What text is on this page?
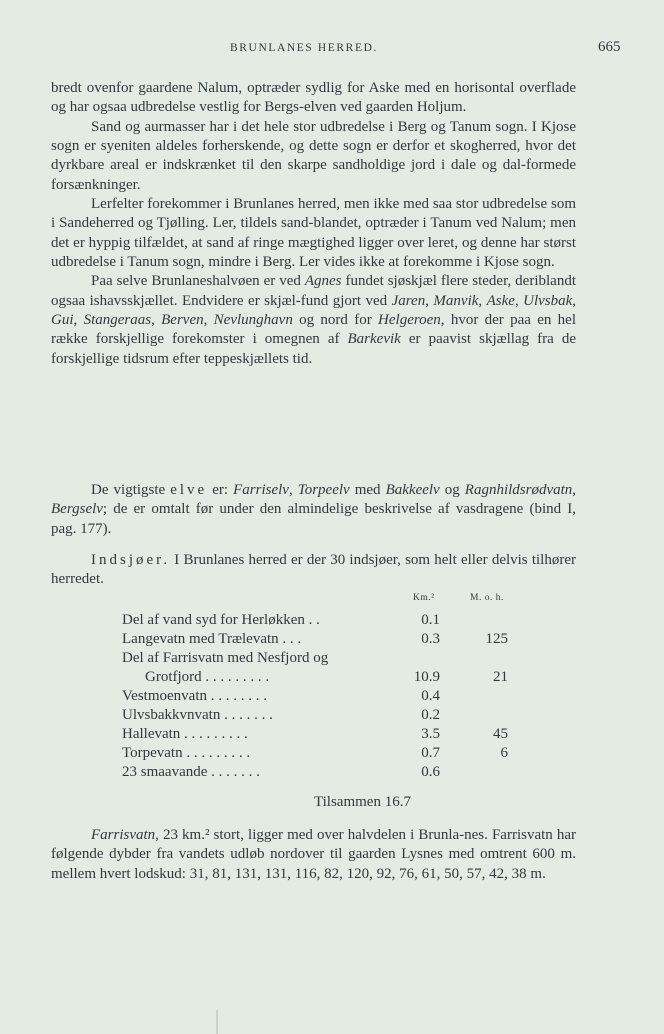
BRUNLANES HERRED.	665

bredt ovenfor gaardene Nalum, optræder sydlig for Aske med en horisontal overflade og har ogsaa udbredelse vestlig for Bergs-elven ved gaarden Holjum.

Sand og aurmasser har i det hele stor udbredelse i Berg og Tanum sogn. I Kjose sogn er syeniten aldeles forherskende, og dette sogn er derfor et skogherred, hvor det dyrkbare areal er indskrænket til den skarpe sandholdige jord i dale og dal-formede forsænkninger.

Lerfelter forekommer i Brunlanes herred, men ikke med saa stor udbredelse som i Sandeherred og Tjølling. Ler, tildels sand-blandet, optræder i Tanum ved Nalum; men det er hyppig tilfældet, at sand af ringe mægtighed ligger over leret, og denne har størst udbredelse i Tanum sogn, mindre i Berg. Ler vides ikke at forekomme i Kjose sogn.

Paa selve Brunlaneshalvøen er ved Agnes fundet sjøskjæl flere steder, deriblandt ogsaa ishavsskjællet. Endvidere er skjæl-fund gjort ved Jaren, Manvik, Aske, Ulvsbak, Gui, Stangeraas, Berven, Nevlunghavn og nord for Helgeroen, hvor der paa en hel række forskjellige forekomster i omegnen af Barkevik er paavist skjællag fra de forskjellige tidsrum efter teppeskjællets tid.

De vigtigste elve er: Farriselv, Torpeelv med Bakkeelv og Ragnhildsrødvatn, Bergselv; de er omtalt før under den almindelige beskrivelse af vasdragene (bind I, pag. 177).

Indsjøer. I Brunlanes herred er der 30 indsjøer, som helt eller delvis tilhører herredet.

Km.²	M. o. h.
Del af vand syd for Herløkken . .	0.1
Langevatn med Trælevatn . . .	0.3	125
Del af Farrisvatn med Nesfjord og
Grotfjord . . . . . . . . .	10.9	21
Vestmoenvatn . . . . . . . .	0.4
Ulvsbakkvnvatn . . . . . . .	0.2
Hallevatn . . . . . . . . .	3.5	45
Torpevatn . . . . . . . . .	0.7	6
23 smaavande . . . . . . .	0.6
Tilsammen 16.7

Farrisvatn, 23 km.² stort, ligger med over halvdelen i Brunla-nes. Farrisvatn har følgende dybder fra vandets udløb nordover til gaarden Lysnes med omtrent 600 m. mellem hvert lodskud: 31, 81, 131, 131, 116, 82, 120, 92, 76, 61, 50, 57, 42, 38 m.
